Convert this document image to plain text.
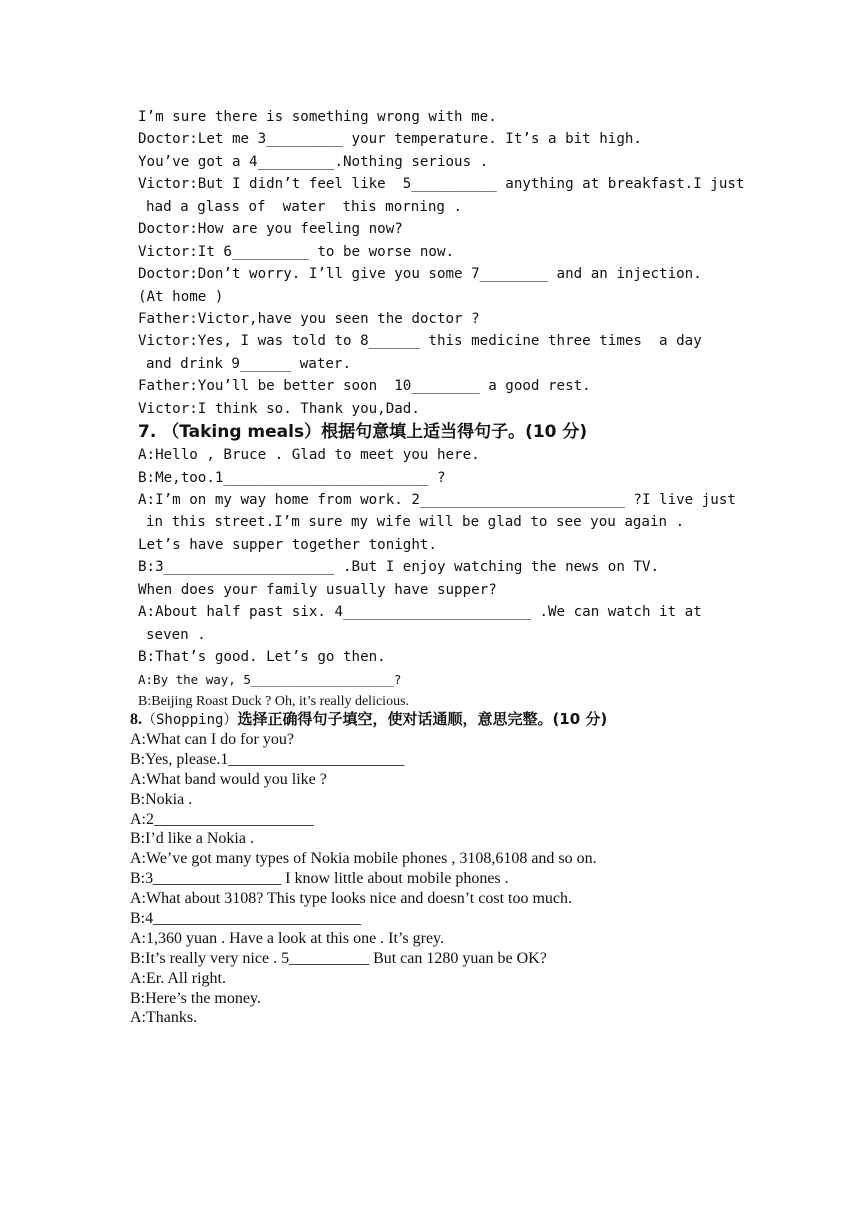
I’m sure there is something wrong with me.
Doctor:Let me 3_________ your temperature. It’s a bit high.
You’ve got a 4_________.Nothing serious .
Victor:But I didn’t feel like  5__________ anything at breakfast.I just
had a glass of  water  this morning .
Doctor:How are you feeling now?
Victor:It 6_________ to be worse now.
Doctor:Don’t worry. I’ll give you some 7________ and an injection.
(At home )
Father:Victor,have you seen the doctor ?
Victor:Yes, I was told to 8______ this medicine three times  a day
and drink 9______ water.
Father:You’ll be better soon  10________ a good rest.
Victor:I think so. Thank you,Dad.
7. （Taking meals）根据句意填上适当得句子。(10 分)
A:Hello , Bruce . Glad to meet you here.
B:Me,too.1________________________ ?
A:I’m on my way home from work. 2________________________ ?I live just
in this street.I’m sure my wife will be glad to see you again .
Let’s have supper together tonight.
B:3____________________ .But I enjoy watching the news on TV.
When does your family usually have supper?
A:About half past six. 4______________________ .We can watch it at
seven .
B:That’s good. Let’s go then.
A:By the way, 5___________________?
B:Beijing Roast Duck ? Oh, it’s really delicious.
8.（Shopping）选择正确得句子填空，使对话通顺，意思完整。(10 分)
A:What can I do for you?
B:Yes, please.1______________________
A:What band would you like ?
B:Nokia .
A:2____________________
B:I’d like a Nokia .
A:We’ve got many types of Nokia mobile phones , 3108,6108 and so on.
B:3________________ I know little about mobile phones .
A:What about 3108? This type looks nice and doesn’t cost too much.
B:4__________________________
A:1,360 yuan . Have a look at this one . It’s grey.
B:It’s really very nice . 5__________ But can 1280 yuan be OK?
A:Er. All right.
B:Here’s the money.
A:Thanks.
